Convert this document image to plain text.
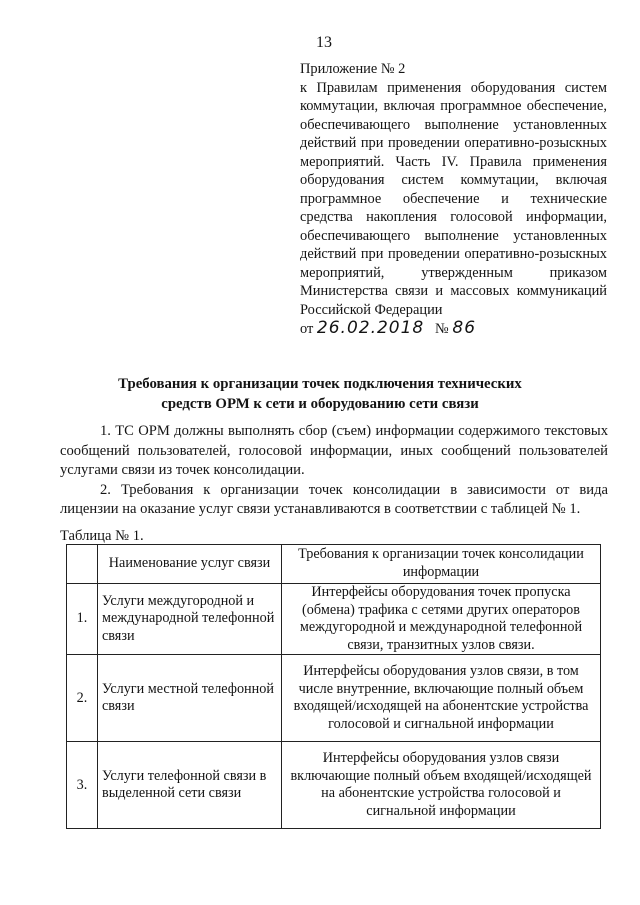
13
Приложение № 2
к Правилам применения оборудования систем коммутации, включая программное обеспечение, обеспечивающего выполнение установленных действий при проведении оперативно-розыскных мероприятий. Часть IV. Правила применения оборудования систем коммутации, включая программное обеспечение и технические средства накопления голосовой информации, обеспечивающего выполнение установленных действий при проведении оперативно-розыскных мероприятий, утвержденным приказом Министерства связи и массовых коммуникаций Российской Федерации
от 26.02.2018 № 86
Требования к организации точек подключения технических средств ОРМ к сети и оборудованию сети связи

1. ТС ОРМ должны выполнять сбор (съем) информации содержимого текстовых сообщений пользователей, голосовой информации, иных сообщений пользователей услугами связи из точек консолидации.

2. Требования к организации точек консолидации в зависимости от вида лицензии на оказание услуг связи устанавливаются в соответствии с таблицей № 1.

Таблица № 1.
	Наименование услуг связи	Требования к организации точек консолидации информации
1.	Услуги междугородной и международной телефонной связи	Интерфейсы оборудования точек пропуска (обмена) трафика с сетями других операторов междугородной и международной телефонной связи, транзитных узлов связи.
2.	Услуги местной телефонной связи	Интерфейсы оборудования узлов связи, в том числе внутренние, включающие полный объем входящей/исходящей на абонентские устройства голосовой и сигнальной информации
3.	Услуги телефонной связи в выделенной сети связи	Интерфейсы оборудования узлов связи включающие полный объем входящей/исходящей на абонентские устройства голосовой и сигнальной информации
